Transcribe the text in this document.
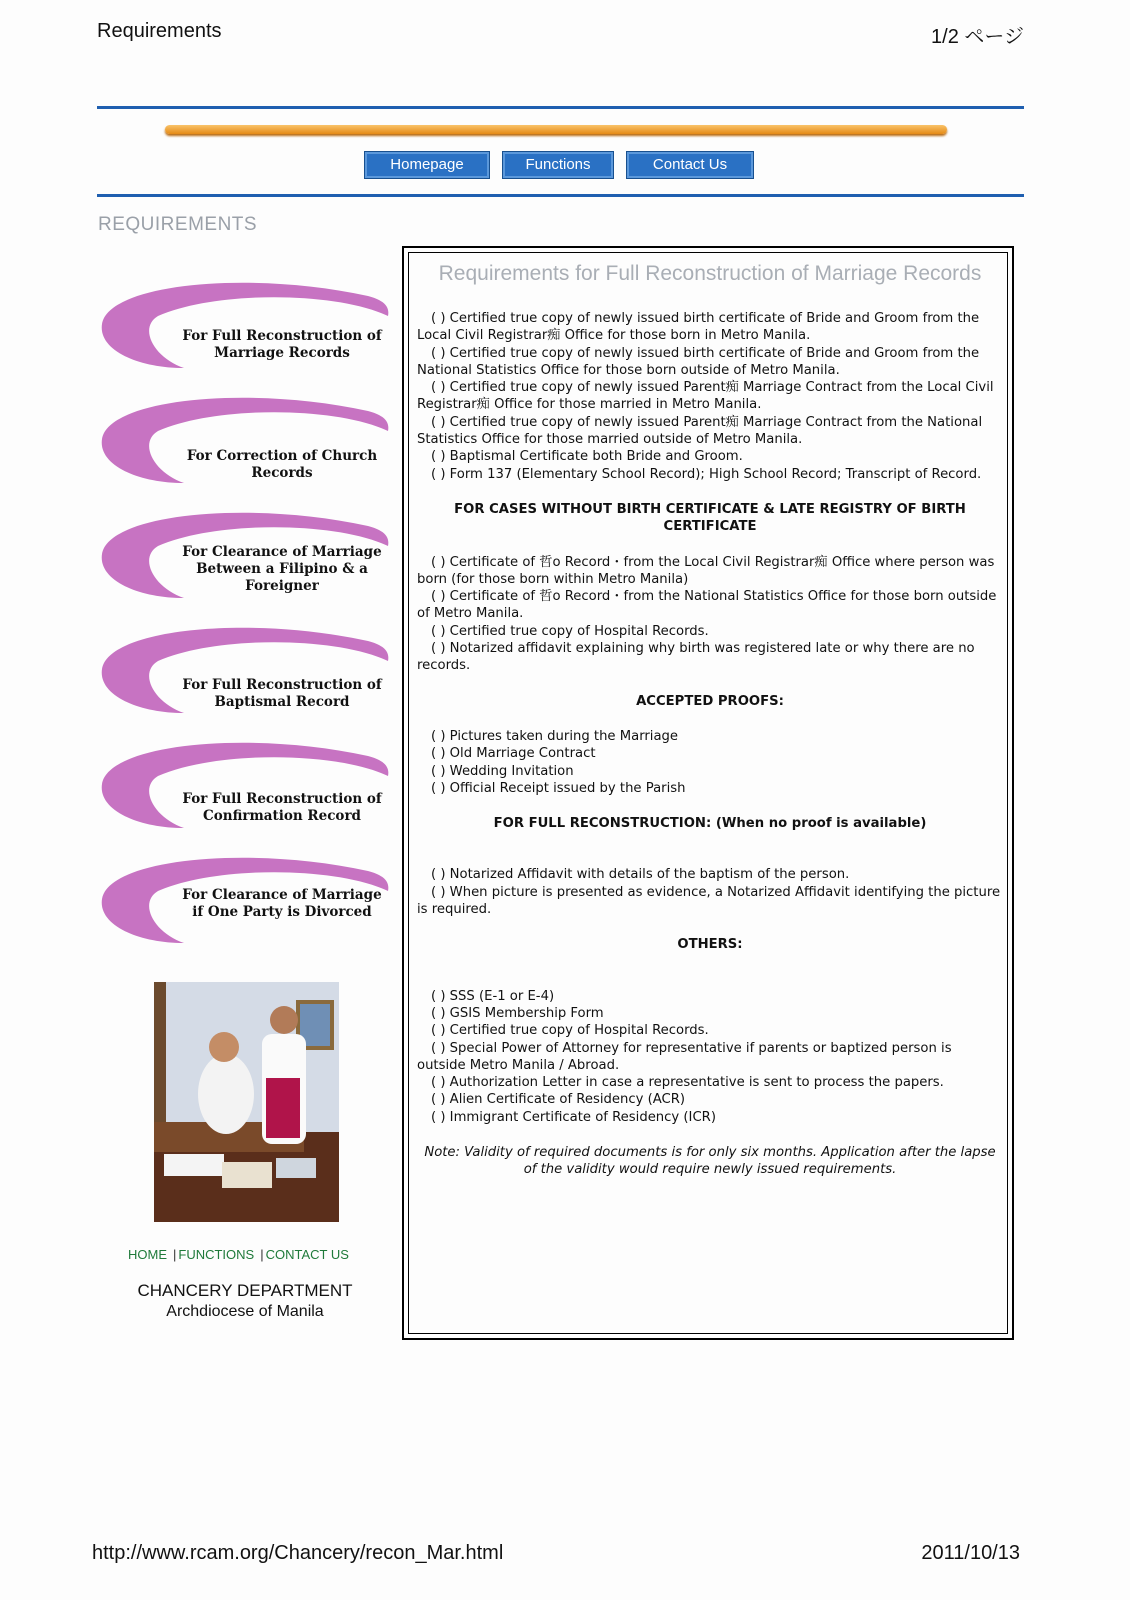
Requirements	1/2 ページ
Homepage	Functions	Contact Us
REQUIREMENTS
For Full Reconstruction of Marriage Records
For Correction of Church Records
For Clearance of Marriage Between a Filipino & a Foreigner
For Full Reconstruction of Baptismal Record
For Full Reconstruction of Confirmation Record
For Clearance of Marriage if One Party is Divorced
HOME | FUNCTIONS | CONTACT US
CHANCERY DEPARTMENT
Archdiocese of Manila
Requirements for Full Reconstruction of Marriage Records
( ) Certified true copy of newly issued birth certificate of Bride and Groom from the Local Civil Registrar痴 Office for those born in Metro Manila.
( ) Certified true copy of newly issued birth certificate of Bride and Groom from the National Statistics Office for those born outside of Metro Manila.
( ) Certified true copy of newly issued Parent痴 Marriage Contract from the Local Civil Registrar痴 Office for those married in Metro Manila.
( ) Certified true copy of newly issued Parent痴 Marriage Contract from the National Statistics Office for those married outside of Metro Manila.
( ) Baptismal Certificate both Bride and Groom.
( ) Form 137 (Elementary School Record); High School Record; Transcript of Record.
FOR CASES WITHOUT BIRTH CERTIFICATE & LATE REGISTRY OF BIRTH CERTIFICATE
( ) Certificate of 哲o Record・from the Local Civil Registrar痴 Office where person was born (for those born within Metro Manila)
( ) Certificate of 哲o Record・from the National Statistics Office for those born outside of Metro Manila.
( ) Certified true copy of Hospital Records.
( ) Notarized affidavit explaining why birth was registered late or why there are no records.
ACCEPTED PROOFS:
( ) Pictures taken during the Marriage
( ) Old Marriage Contract
( ) Wedding Invitation
( ) Official Receipt issued by the Parish
FOR FULL RECONSTRUCTION: (When no proof is available)
( ) Notarized Affidavit with details of the baptism of the person.
( ) When picture is presented as evidence, a Notarized Affidavit identifying the picture is required.
OTHERS:
( ) SSS (E-1 or E-4)
( ) GSIS Membership Form
( ) Certified true copy of Hospital Records.
( ) Special Power of Attorney for representative if parents or baptized person is outside Metro Manila / Abroad.
( ) Authorization Letter in case a representative is sent to process the papers.
( ) Alien Certificate of Residency (ACR)
( ) Immigrant Certificate of Residency (ICR)
Note: Validity of required documents is for only six months. Application after the lapse of the validity would require newly issued requirements.
http://www.rcam.org/Chancery/recon_Mar.html	2011/10/13
